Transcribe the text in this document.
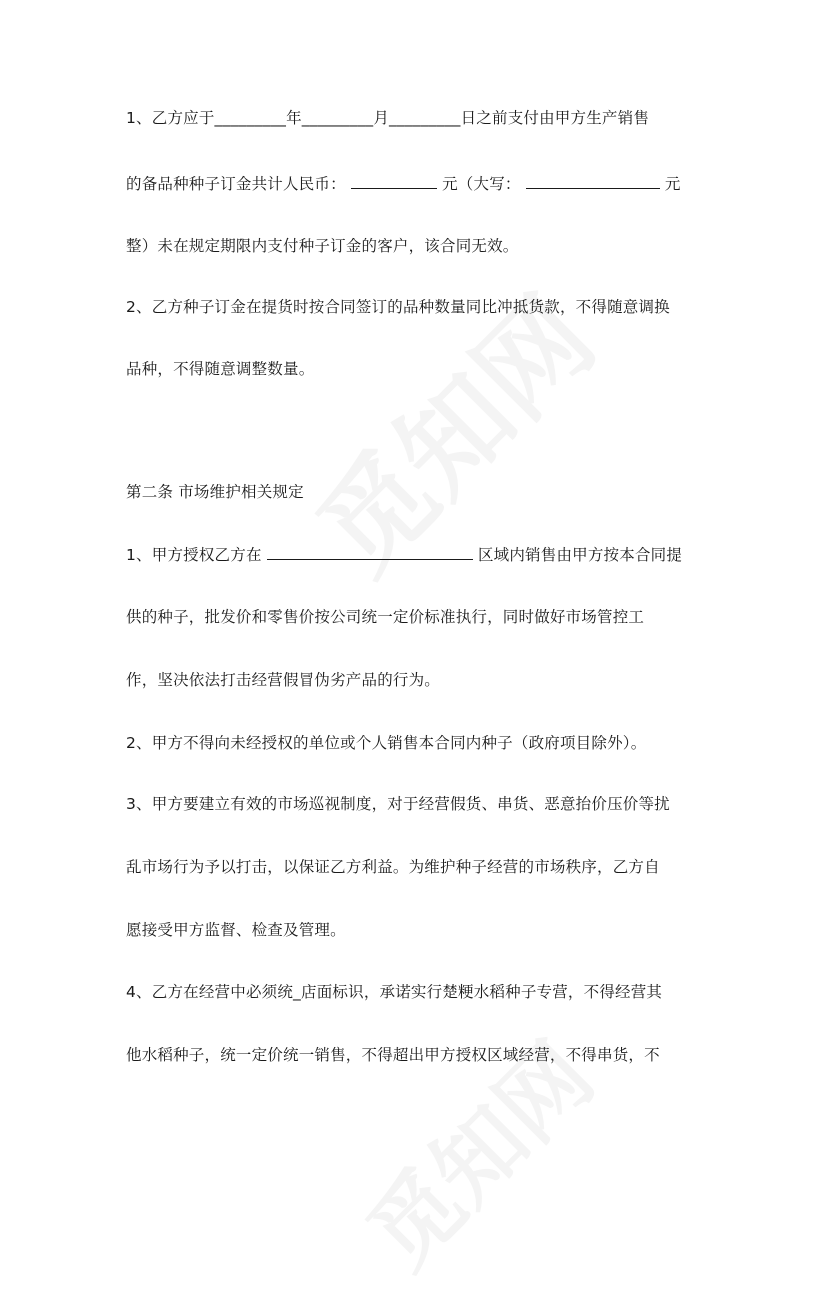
1、乙方应于_________年_________月_________日之前支付由甲方生产销售
的备品种种子订金共计人民币：	元（大写：	元
整）未在规定期限内支付种子订金的客户，该合同无效。
2、乙方种子订金在提货时按合同签订的品种数量同比冲抵货款，不得随意调换
品种，不得随意调整数量。
第二条 市场维护相关规定
1、甲方授权乙方在	区域内销售由甲方按本合同提
供的种子，批发价和零售价按公司统一定价标准执行，同时做好市场管控工
作，坚决依法打击经营假冒伪劣产品的行为。
2、甲方不得向未经授权的单位或个人销售本合同内种子（政府项目除外）。
3、甲方要建立有效的市场巡视制度，对于经营假货、串货、恶意抬价压价等扰
乱市场行为予以打击，以保证乙方利益。为维护种子经营的市场秩序，乙方自
愿接受甲方监督、检查及管理。
4、乙方在经营中必须统_店面标识，承诺实行楚粳水稻种子专营，不得经营其
他水稻种子，统一定价统一销售，不得超出甲方授权区域经营，不得串货，不
